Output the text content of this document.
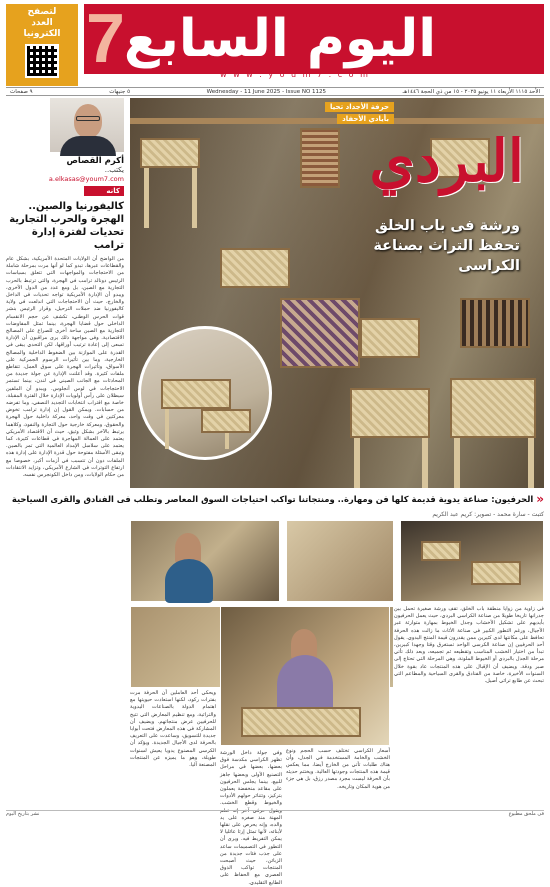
7
اليوم السابع
w w w . y o u m 7 . c o m
لتصفح
العدد
الكترونيا
الأحد ١١١٥ الأربعاء ١١ يونيو ٢٠٢٥ - ١٥ من ذي الحجة ١٤٤٦هـ
Wednesday - 11 June 2025 - Issue NO 1125
٥ جنيهات
٩ صفحات
أكرم القصاص
يكتب..
a.elkasas@youm7.com
كانه
كاليفورنيا والصين.. الهجرة والحرب التجارية تحديات لفترة إدارة ترامب
من الواضح أن الولايات المتحدة الأمريكية، بشكل عام والقطاعات عبرها، تبدو كما لو أنها مرت بمرحلة شاملة من الاحتجاجات والمواجهات التي تتعلق بسياسات الرئيس دونالد ترامب في الهجرة، والتي ترتبط بالحرب التجارية مع الصين، بل ومع عدد من الدول الأخرى، ويبدو أن الإدارة الأمريكية تواجه تحديات في الداخل والخارج، حيث أن الاحتجاجات التي اندلعت في ولاية كاليفورنيا ضد حملات الترحيل، وقرار الرئيس بنشر قوات الحرس الوطني، تكشف عن حجم الانقسام الداخلي حول قضايا الهجرة، بينما تمثل المفاوضات التجارية مع الصين ساحة أخرى للصراع على المصالح الاقتصادية. وفي مواجهة ذلك يرى مراقبون أن الإدارة تسعى إلى إعادة ترتيب أوراقها، لكن التحدي يبقى في القدرة على الموازنة بين الضغوط الداخلية والمصالح الخارجية، وما بين تأثيرات الرسوم الجمركية على الأسواق، وتأثيرات الهجرة على سوق العمل، تتقاطع ملفات كثيرة. وقد أعلنت الإدارة عن جولة جديدة من المحادثات مع الجانب الصيني في لندن، بينما تستمر الاحتجاجات في لوس أنجلوس. ويبدو أن الملفين سيظلان على رأس أولويات الإدارة خلال الفترة المقبلة، خاصة مع اقتراب انتخابات التجديد النصفي، وما تفرضه من حسابات. ويمكن القول إن إدارة ترامب تخوض معركتين في وقت واحد، معركة داخلية حول الهجرة والحقوق، ومعركة خارجية حول التجارة والنفوذ، وكلاهما يرتبط بالآخر بشكل وثيق، حيث أن الاقتصاد الأمريكي يعتمد على العمالة المهاجرة في قطاعات كثيرة، كما يعتمد على سلاسل الإمداد العالمية التي تمر بالصين. وتبقى الأسئلة مفتوحة حول قدرة الإدارة على إدارة هذه الملفات دون أن تتسبب في أزمات أكبر، خصوصا مع ارتفاع التوترات في الشارع الأمريكي، وتزايد الانتقادات من حكام الولايات، ومن داخل الكونجرس نفسه.
حرفة الأجداد تحيا
بأيادي الأحفاد
البردي
ورشة فى باب الخلق تحفظ التراث بصناعة الكراسى
«
الحرفيون: صناعة يدوية قديمة كلها فن ومهارة.. ومنتجاتنا تواكب احتياجات السوق المعاصر وتطلب فى الفنادق والقرى السياحية
كتبت - سارة محمد - تصوير: كريم عبد الكريم
في زاوية من زوايا منطقة باب الخلق، تقف ورشة صغيرة تحمل بين جدرانها تاريخا طويلا من صناعة الكراسي البردي، حيث يعمل الحرفيون بأيديهم على تشكيل الأخشاب وجدل الخيوط بمهارة متوارثة عبر الأجيال، ورغم التطور الكبير في صناعة الأثاث ما زالت هذه الحرفة تحافظ على مكانتها لدى كثيرين ممن يقدرون قيمة المنتج اليدوي. يقول أحد الحرفيين إن صناعة الكرسي الواحد تستغرق وقتا وجهدا كبيرين، تبدأ من اختيار الخشب المناسب وتقطيعه ثم تجميعه، وبعد ذلك تأتي مرحلة الجدل بالبردي أو الخيوط الملونة، وهي المرحلة التي تحتاج إلى صبر ودقة. ويضيف أن الإقبال على هذه المنتجات عاد بقوة خلال السنوات الأخيرة، خاصة من الفنادق والقرى السياحية والمطاعم التي تبحث عن طابع تراثي أصيل.
أسعار الكراسي تختلف حسب الحجم ونوع الخشب والخامة المستخدمة في الجدل، وأن هناك طلبات تأتي من الخارج أيضا، مما يعكس قيمة هذه المنتجات وجودتها العالية. ويختتم حديثه بأن الحرفة ليست مجرد مصدر رزق، بل هي جزء من هوية المكان وتاريخه.
وفي جولة داخل الورشة تظهر الكراسي مكدسة فوق بعضها، بعضها في مراحل التصنيع الأولى وبعضها جاهز للبيع، بينما يجلس الحرفيون على مقاعد منخفضة يعملون بتركيز، وتتناثر حولهم الأدوات والخيوط وقطع الخشب. ويقول حرفي آخر إنه تعلم المهنة منذ صغره على يد والده، وإنه يحرص على نقلها لأبنائه، لأنها تمثل إرثا عائليا لا يمكن التفريط فيه. ويرى أن التطور في التصميمات ساعد على جذب فئات جديدة من الزبائن، حيث أصبحت المنتجات تواكب الذوق العصري مع الحفاظ على الطابع التقليدي.
ويحكي أحد العاملين أن الحرفة مرت بفترات ركود، لكنها استعادت حيويتها مع اهتمام الدولة بالصناعات اليدوية والتراثية، ومع تنظيم المعارض التي تتيح للحرفيين عرض منتجاتهم. ويضيف أن المشاركة في هذه المعارض فتحت أبوابا جديدة للتسويق، وساعدت على التعريف بالحرفة لدى الأجيال الجديدة. ويؤكد أن الكرسي المصنوع يدويا يعيش لسنوات طويلة، وهو ما يميزه عن المنتجات المصنعة آليا.
فى ملحق مطبوع
نشر بتاريخ اليوم
